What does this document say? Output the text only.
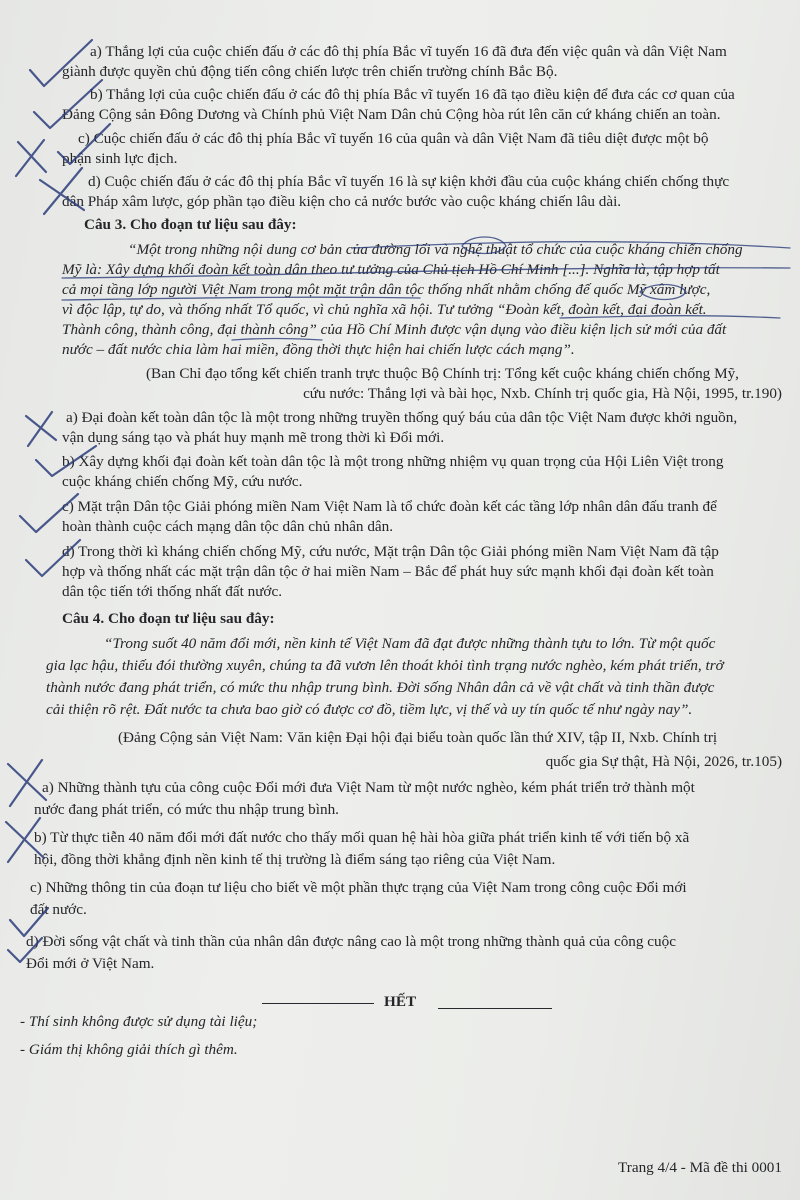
a) Thắng lợi của cuộc chiến đấu ở các đô thị phía Bắc vĩ tuyến 16 đã đưa đến việc quân và dân Việt Nam
giành được quyền chủ động tiến công chiến lược trên chiến trường chính Bắc Bộ.
b) Thắng lợi của cuộc chiến đấu ở các đô thị phía Bắc vĩ tuyến 16 đã tạo điều kiện để đưa các cơ quan của
Đảng Cộng sản Đông Dương và Chính phủ Việt Nam Dân chủ Cộng hòa rút lên căn cứ kháng chiến an toàn.
c) Cuộc chiến đấu ở các đô thị phía Bắc vĩ tuyến 16 của quân và dân Việt Nam đã tiêu diệt được một bộ
phận sinh lực địch.
d) Cuộc chiến đấu ở các đô thị phía Bắc vĩ tuyến 16 là sự kiện khởi đầu của cuộc kháng chiến chống thực
dân Pháp xâm lược, góp phần tạo điều kiện cho cả nước bước vào cuộc kháng chiến lâu dài.
Câu 3. Cho đoạn tư liệu sau đây:
“Một trong những nội dung cơ bản của đường lối và nghệ thuật tổ chức của cuộc kháng chiến chống
Mỹ là: Xây dựng khối đoàn kết toàn dân theo tư tưởng của Chủ tịch Hồ Chí Minh [...]. Nghĩa là, tập hợp tất
cả mọi tầng lớp người Việt Nam trong một mặt trận dân tộc thống nhất nhằm chống đế quốc Mỹ xâm lược,
vì độc lập, tự do, và thống nhất Tổ quốc, vì chủ nghĩa xã hội. Tư tưởng “Đoàn kết, đoàn kết, đại đoàn kết.
Thành công, thành công, đại thành công” của Hồ Chí Minh được vận dụng vào điều kiện lịch sử mới của đất
nước – đất nước chia làm hai miền, đồng thời thực hiện hai chiến lược cách mạng”.
(Ban Chỉ đạo tổng kết chiến tranh trực thuộc Bộ Chính trị: Tổng kết cuộc kháng chiến chống Mỹ,
cứu nước: Thắng lợi và bài học, Nxb. Chính trị quốc gia, Hà Nội, 1995, tr.190)
a) Đại đoàn kết toàn dân tộc là một trong những truyền thống quý báu của dân tộc Việt Nam được khởi nguồn,
vận dụng sáng tạo và phát huy mạnh mẽ trong thời kì Đổi mới.
b) Xây dựng khối đại đoàn kết toàn dân tộc là một trong những nhiệm vụ quan trọng của Hội Liên Việt trong
cuộc kháng chiến chống Mỹ, cứu nước.
c) Mặt trận Dân tộc Giải phóng miền Nam Việt Nam là tổ chức đoàn kết các tầng lớp nhân dân đấu tranh để
hoàn thành cuộc cách mạng dân tộc dân chủ nhân dân.
d) Trong thời kì kháng chiến chống Mỹ, cứu nước, Mặt trận Dân tộc Giải phóng miền Nam Việt Nam đã tập
hợp và thống nhất các mặt trận dân tộc ở hai miền Nam – Bắc để phát huy sức mạnh khối đại đoàn kết toàn
dân tộc tiến tới thống nhất đất nước.
Câu 4. Cho đoạn tư liệu sau đây:
“Trong suốt 40 năm đổi mới, nền kinh tế Việt Nam đã đạt được những thành tựu to lớn. Từ một quốc
gia lạc hậu, thiếu đói thường xuyên, chúng ta đã vươn lên thoát khỏi tình trạng nước nghèo, kém phát triển, trở
thành nước đang phát triển, có mức thu nhập trung bình. Đời sống Nhân dân cả về vật chất và tinh thần được
cải thiện rõ rệt. Đất nước ta chưa bao giờ có được cơ đồ, tiềm lực, vị thế và uy tín quốc tế như ngày nay”.
(Đảng Cộng sản Việt Nam: Văn kiện Đại hội đại biểu toàn quốc lần thứ XIV, tập II, Nxb. Chính trị
quốc gia Sự thật, Hà Nội, 2026, tr.105)
a) Những thành tựu của công cuộc Đổi mới đưa Việt Nam từ một nước nghèo, kém phát triển trở thành một
nước đang phát triển, có mức thu nhập trung bình.
b) Từ thực tiễn 40 năm đổi mới đất nước cho thấy mối quan hệ hài hòa giữa phát triển kinh tế với tiến bộ xã
hội, đồng thời khẳng định nền kinh tế thị trường là điểm sáng tạo riêng của Việt Nam.
c) Những thông tin của đoạn tư liệu cho biết về một phần thực trạng của Việt Nam trong công cuộc Đổi mới
đất nước.
d) Đời sống vật chất và tinh thần của nhân dân được nâng cao là một trong những thành quả của công cuộc
Đổi mới ở Việt Nam.
HẾT
- Thí sinh không được sử dụng tài liệu;
- Giám thị không giải thích gì thêm.
Trang 4/4 - Mã đề thi 0001
